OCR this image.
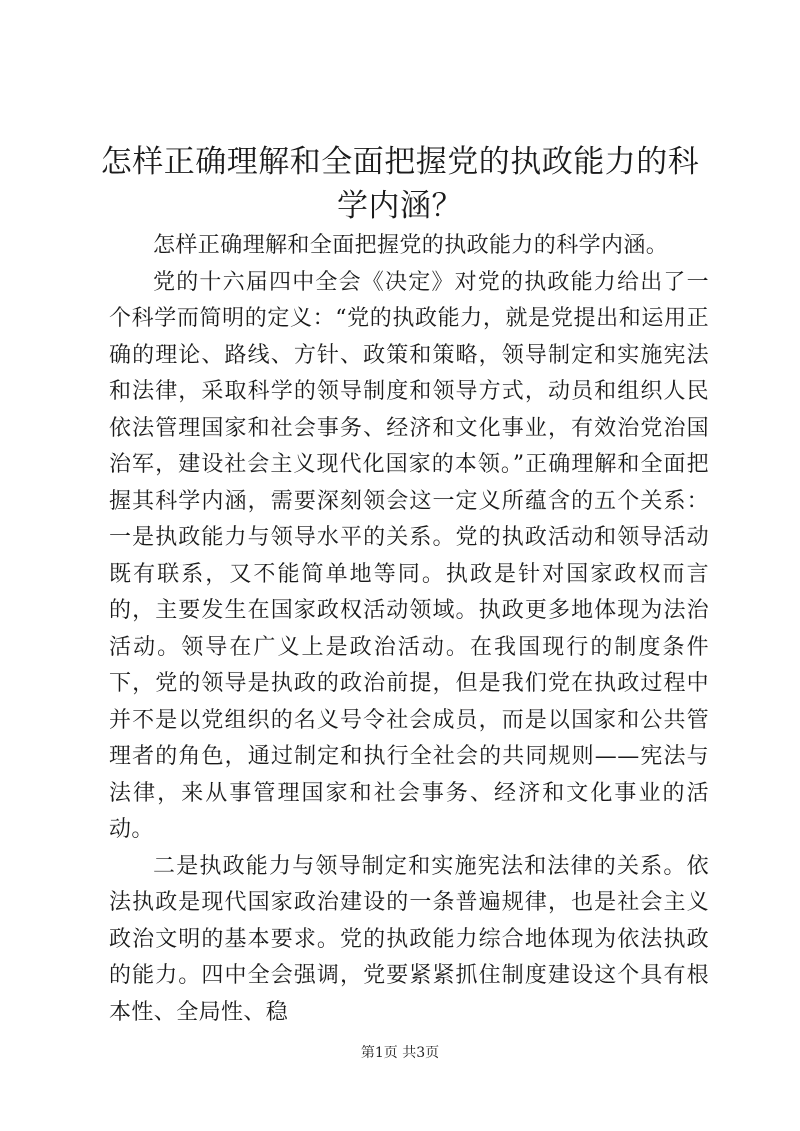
怎样正确理解和全面把握党的执政能力的科学内涵？

怎样正确理解和全面把握党的执政能力的科学内涵。

党的十六届四中全会《决定》对党的执政能力给出了一个科学而简明的定义：“党的执政能力，就是党提出和运用正确的理论、路线、方针、政策和策略，领导制定和实施宪法和法律，采取科学的领导制度和领导方式，动员和组织人民依法管理国家和社会事务、经济和文化事业，有效治党治国治军，建设社会主义现代化国家的本领。”正确理解和全面把握其科学内涵，需要深刻领会这一定义所蕴含的五个关系：一是执政能力与领导水平的关系。党的执政活动和领导活动既有联系，又不能简单地等同。执政是针对国家政权而言的，主要发生在国家政权活动领域。执政更多地体现为法治活动。领导在广义上是政治活动。在我国现行的制度条件下，党的领导是执政的政治前提，但是我们党在执政过程中并不是以党组织的名义号令社会成员，而是以国家和公共管理者的角色，通过制定和执行全社会的共同规则——宪法与法律，来从事管理国家和社会事务、经济和文化事业的活动。

二是执政能力与领导制定和实施宪法和法律的关系。依法执政是现代国家政治建设的一条普遍规律，也是社会主义政治文明的基本要求。党的执政能力综合地体现为依法执政的能力。四中全会强调，党要紧紧抓住制度建设这个具有根本性、全局性、稳

第1页 共3页
